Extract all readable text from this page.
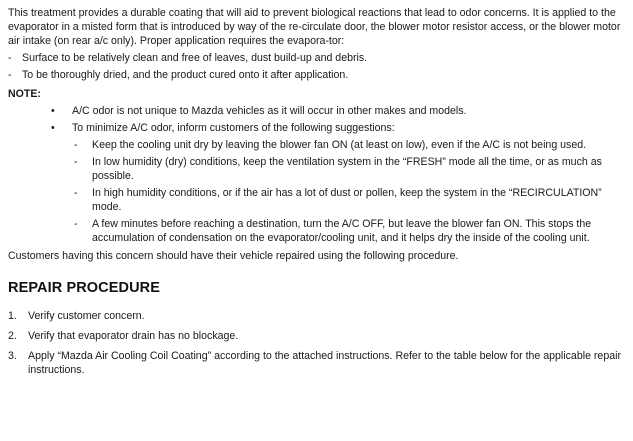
This treatment provides a durable coating that will aid to prevent biological reactions that lead to odor concerns. It is applied to the evaporator in a misted form that is introduced by way of the re-circulate door, the blower motor resistor access, or the blower motor air intake (on rear a/c only). Proper application requires the evapora-tor:

- Surface to be relatively clean and free of leaves, dust build-up and debris.
- To be thoroughly dried, and the product cured onto it after application.

NOTE:

• A/C odor is not unique to Mazda vehicles as it will occur in other makes and models.
• To minimize A/C odor, inform customers of the following suggestions:
- Keep the cooling unit dry by leaving the blower fan ON (at least on low), even if the A/C is not being used.
- In low humidity (dry) conditions, keep the ventilation system in the “FRESH” mode all the time, or as much as possible.
- In high humidity conditions, or if the air has a lot of dust or pollen, keep the system in the “RECIRCULATION” mode.
- A few minutes before reaching a destination, turn the A/C OFF, but leave the blower fan ON. This stops the accumulation of condensation on the evaporator/cooling unit, and it helps dry the inside of the cooling unit.

Customers having this concern should have their vehicle repaired using the following procedure.

REPAIR PROCEDURE
1. Verify customer concern.
2. Verify that evaporator drain has no blockage.
3. Apply “Mazda Air Cooling Coil Coating” according to the attached instructions. Refer to the table below for the applicable repair instructions.
